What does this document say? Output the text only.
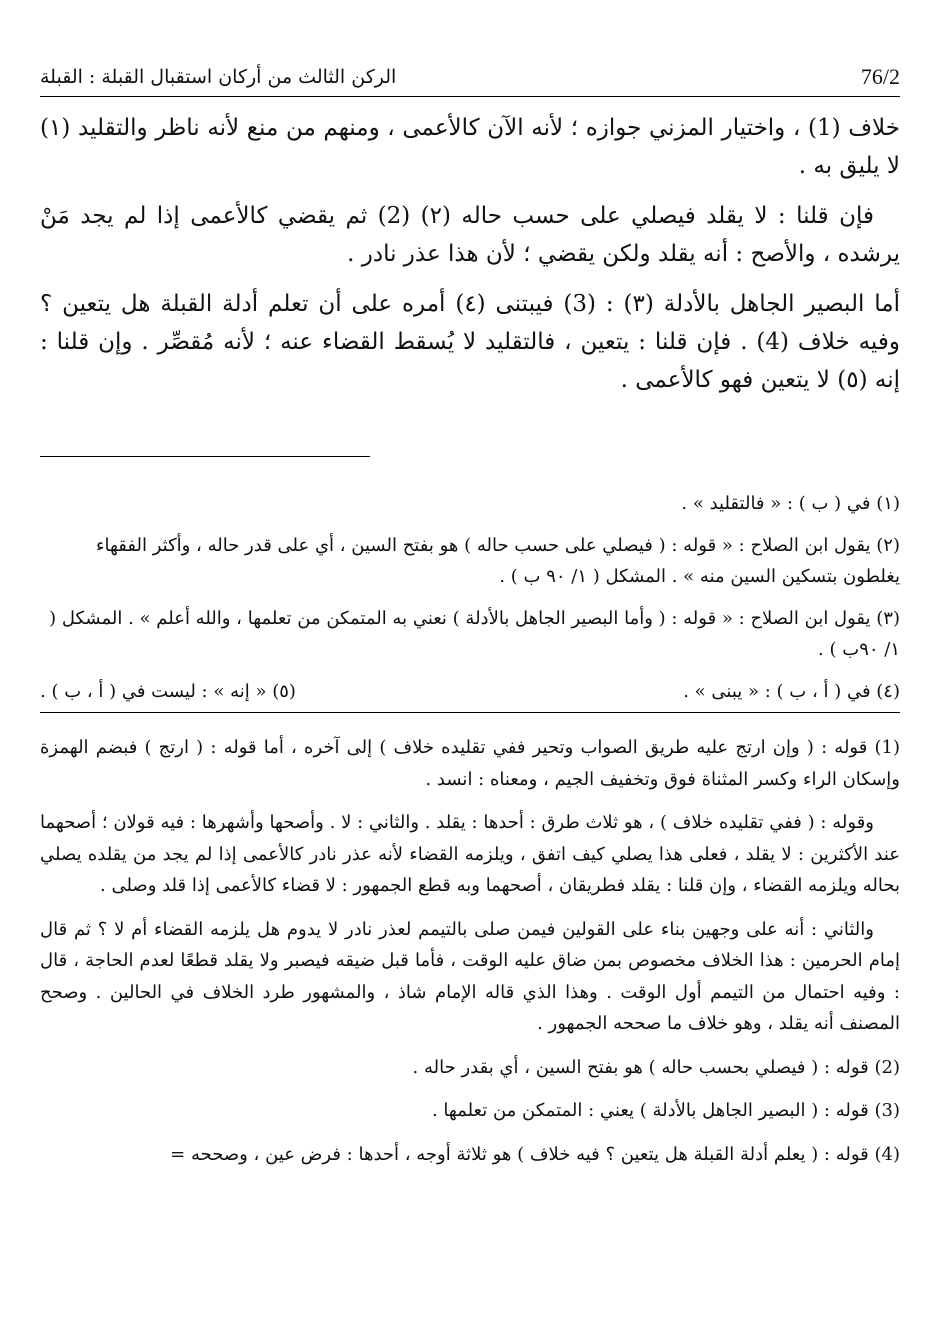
76/2
الركن الثالث من أركان استقبال القبلة : القبلة

خلاف (1) ، واختيار المزني جوازه ؛ لأنه الآن كالأعمى ، ومنهم من منع لأنه ناظر والتقليد (١) لا يليق به .

فإن قلنا : لا يقلد فيصلي على حسب حاله (٢) (2) ثم يقضي كالأعمى إذا لم يجد مَنْ يرشده ، والأصح : أنه يقلد ولكن يقضي ؛ لأن هذا عذر نادر .

أما البصير الجاهل بالأدلة (٣) : (3) فيبتنى (٤) أمره على أن تعلم أدلة القبلة هل يتعين ؟ وفيه خلاف (4) . فإن قلنا : يتعين ، فالتقليد لا يُسقط القضاء عنه ؛ لأنه مُقصِّر . وإن قلنا : إنه (٥) لا يتعين فهو كالأعمى .

(١) في ( ب ) : « فالتقليد » .

(٢) يقول ابن الصلاح : « قوله : ( فيصلي على حسب حاله ) هو بفتح السين ، أي على قدر حاله ، وأكثر الفقهاء يغلطون بتسكين السين منه » . المشكل ( ١/ ٩٠ ب ) .

(٣) يقول ابن الصلاح : « قوله : ( وأما البصير الجاهل بالأدلة ) نعني به المتمكن من تعلمها ، والله أعلم » . المشكل ( ١/ ٩٠ب ) .

(٤) في ( أ ، ب ) : « يبنى » .
(٥) « إنه » : ليست في ( أ ، ب ) .

(1) قوله : ( وإن ارتج عليه طريق الصواب وتحير ففي تقليده خلاف ) إلى آخره ، أما قوله : ( ارتج ) فبضم الهمزة وإسكان الراء وكسر المثناة فوق وتخفيف الجيم ، ومعناه : انسد .

وقوله : ( ففي تقليده خلاف ) ، هو ثلاث طرق : أحدها : يقلد . والثاني : لا . وأصحها وأشهرها : فيه قولان ؛ أصحهما عند الأكثرين : لا يقلد ، فعلى هذا يصلي كيف اتفق ، ويلزمه القضاء لأنه عذر نادر كالأعمى إذا لم يجد من يقلده يصلي بحاله ويلزمه القضاء ، وإن قلنا : يقلد فطريقان ، أصحهما وبه قطع الجمهور : لا قضاء كالأعمى إذا قلد وصلى .

والثاني : أنه على وجهين بناء على القولين فيمن صلى بالتيمم لعذر نادر لا يدوم هل يلزمه القضاء أم لا ؟ ثم قال إمام الحرمين : هذا الخلاف مخصوص بمن ضاق عليه الوقت ، فأما قبل ضيقه فيصبر ولا يقلد قطعًا لعدم الحاجة ، قال : وفيه احتمال من التيمم أول الوقت . وهذا الذي قاله الإمام شاذ ، والمشهور طرد الخلاف في الحالين . وصحح المصنف أنه يقلد ، وهو خلاف ما صححه الجمهور .

(2) قوله : ( فيصلي بحسب حاله ) هو بفتح السين ، أي بقدر حاله .

(3) قوله : ( البصير الجاهل بالأدلة ) يعني : المتمكن من تعلمها .

(4) قوله : ( يعلم أدلة القبلة هل يتعين ؟ فيه خلاف ) هو ثلاثة أوجه ، أحدها : فرض عين ، وصححه =
